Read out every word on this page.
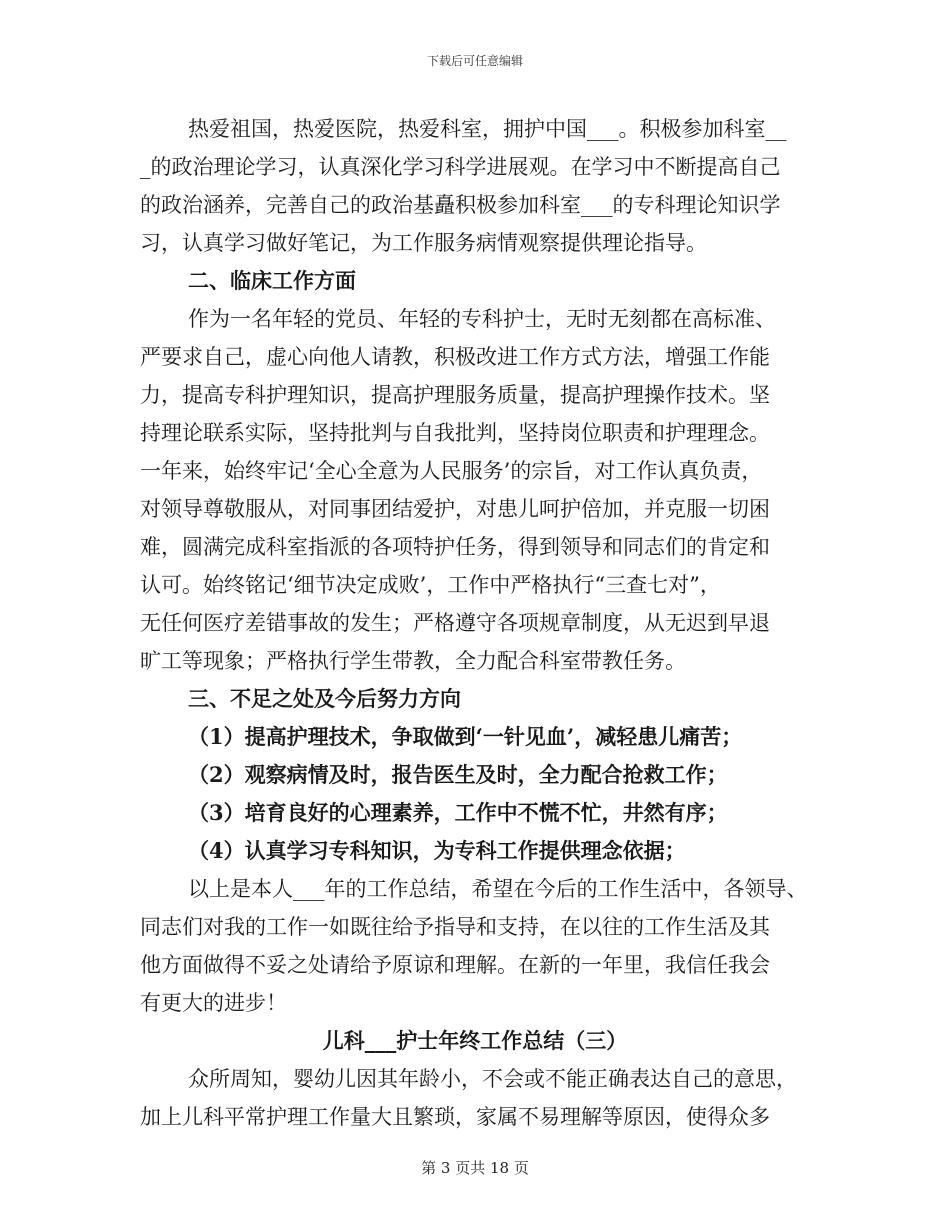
下载后可任意编辑
热爱祖国，热爱医院，热爱科室，拥护中国___。积极参加科室__
_的政治理论学习，认真深化学习科学进展观。在学习中不断提高自己
的政治涵养，完善自己的政治基矗积极参加科室___的专科理论知识学
习，认真学习做好笔记，为工作服务病情观察提供理论指导。
二、临床工作方面
作为一名年轻的党员、年轻的专科护士，无时无刻都在高标准、
严要求自己，虚心向他人请教，积极改进工作方式方法，增强工作能
力，提高专科护理知识，提高护理服务质量，提高护理操作技术。坚
持理论联系实际，坚持批判与自我批判，坚持岗位职责和护理理念。
一年来，始终牢记‘全心全意为人民服务’的宗旨，对工作认真负责，
对领导尊敬服从，对同事团结爱护，对患儿呵护倍加，并克服一切困
难，圆满完成科室指派的各项特护任务，得到领导和同志们的肯定和
认可。始终铭记‘细节决定成败’，工作中严格执行“三查七对”，
无任何医疗差错事故的发生；严格遵守各项规章制度，从无迟到早退
旷工等现象；严格执行学生带教，全力配合科室带教任务。
三、不足之处及今后努力方向
（1）提高护理技术，争取做到‘一针见血’，减轻患儿痛苦；
（2）观察病情及时，报告医生及时，全力配合抢救工作；
（3）培育良好的心理素养，工作中不慌不忙，井然有序；
（4）认真学习专科知识，为专科工作提供理念依据；
以上是本人___年的工作总结，希望在今后的工作生活中，各领导、
同志们对我的工作一如既往给予指导和支持，在以往的工作生活及其
他方面做得不妥之处请给予原谅和理解。在新的一年里，我信任我会
有更大的进步！
儿科___护士年终工作总结（三）
众所周知，婴幼儿因其年龄小，不会或不能正确表达自己的意思，
加上儿科平常护理工作量大且繁琐，家属不易理解等原因，使得众多
第 3 页共 18 页
